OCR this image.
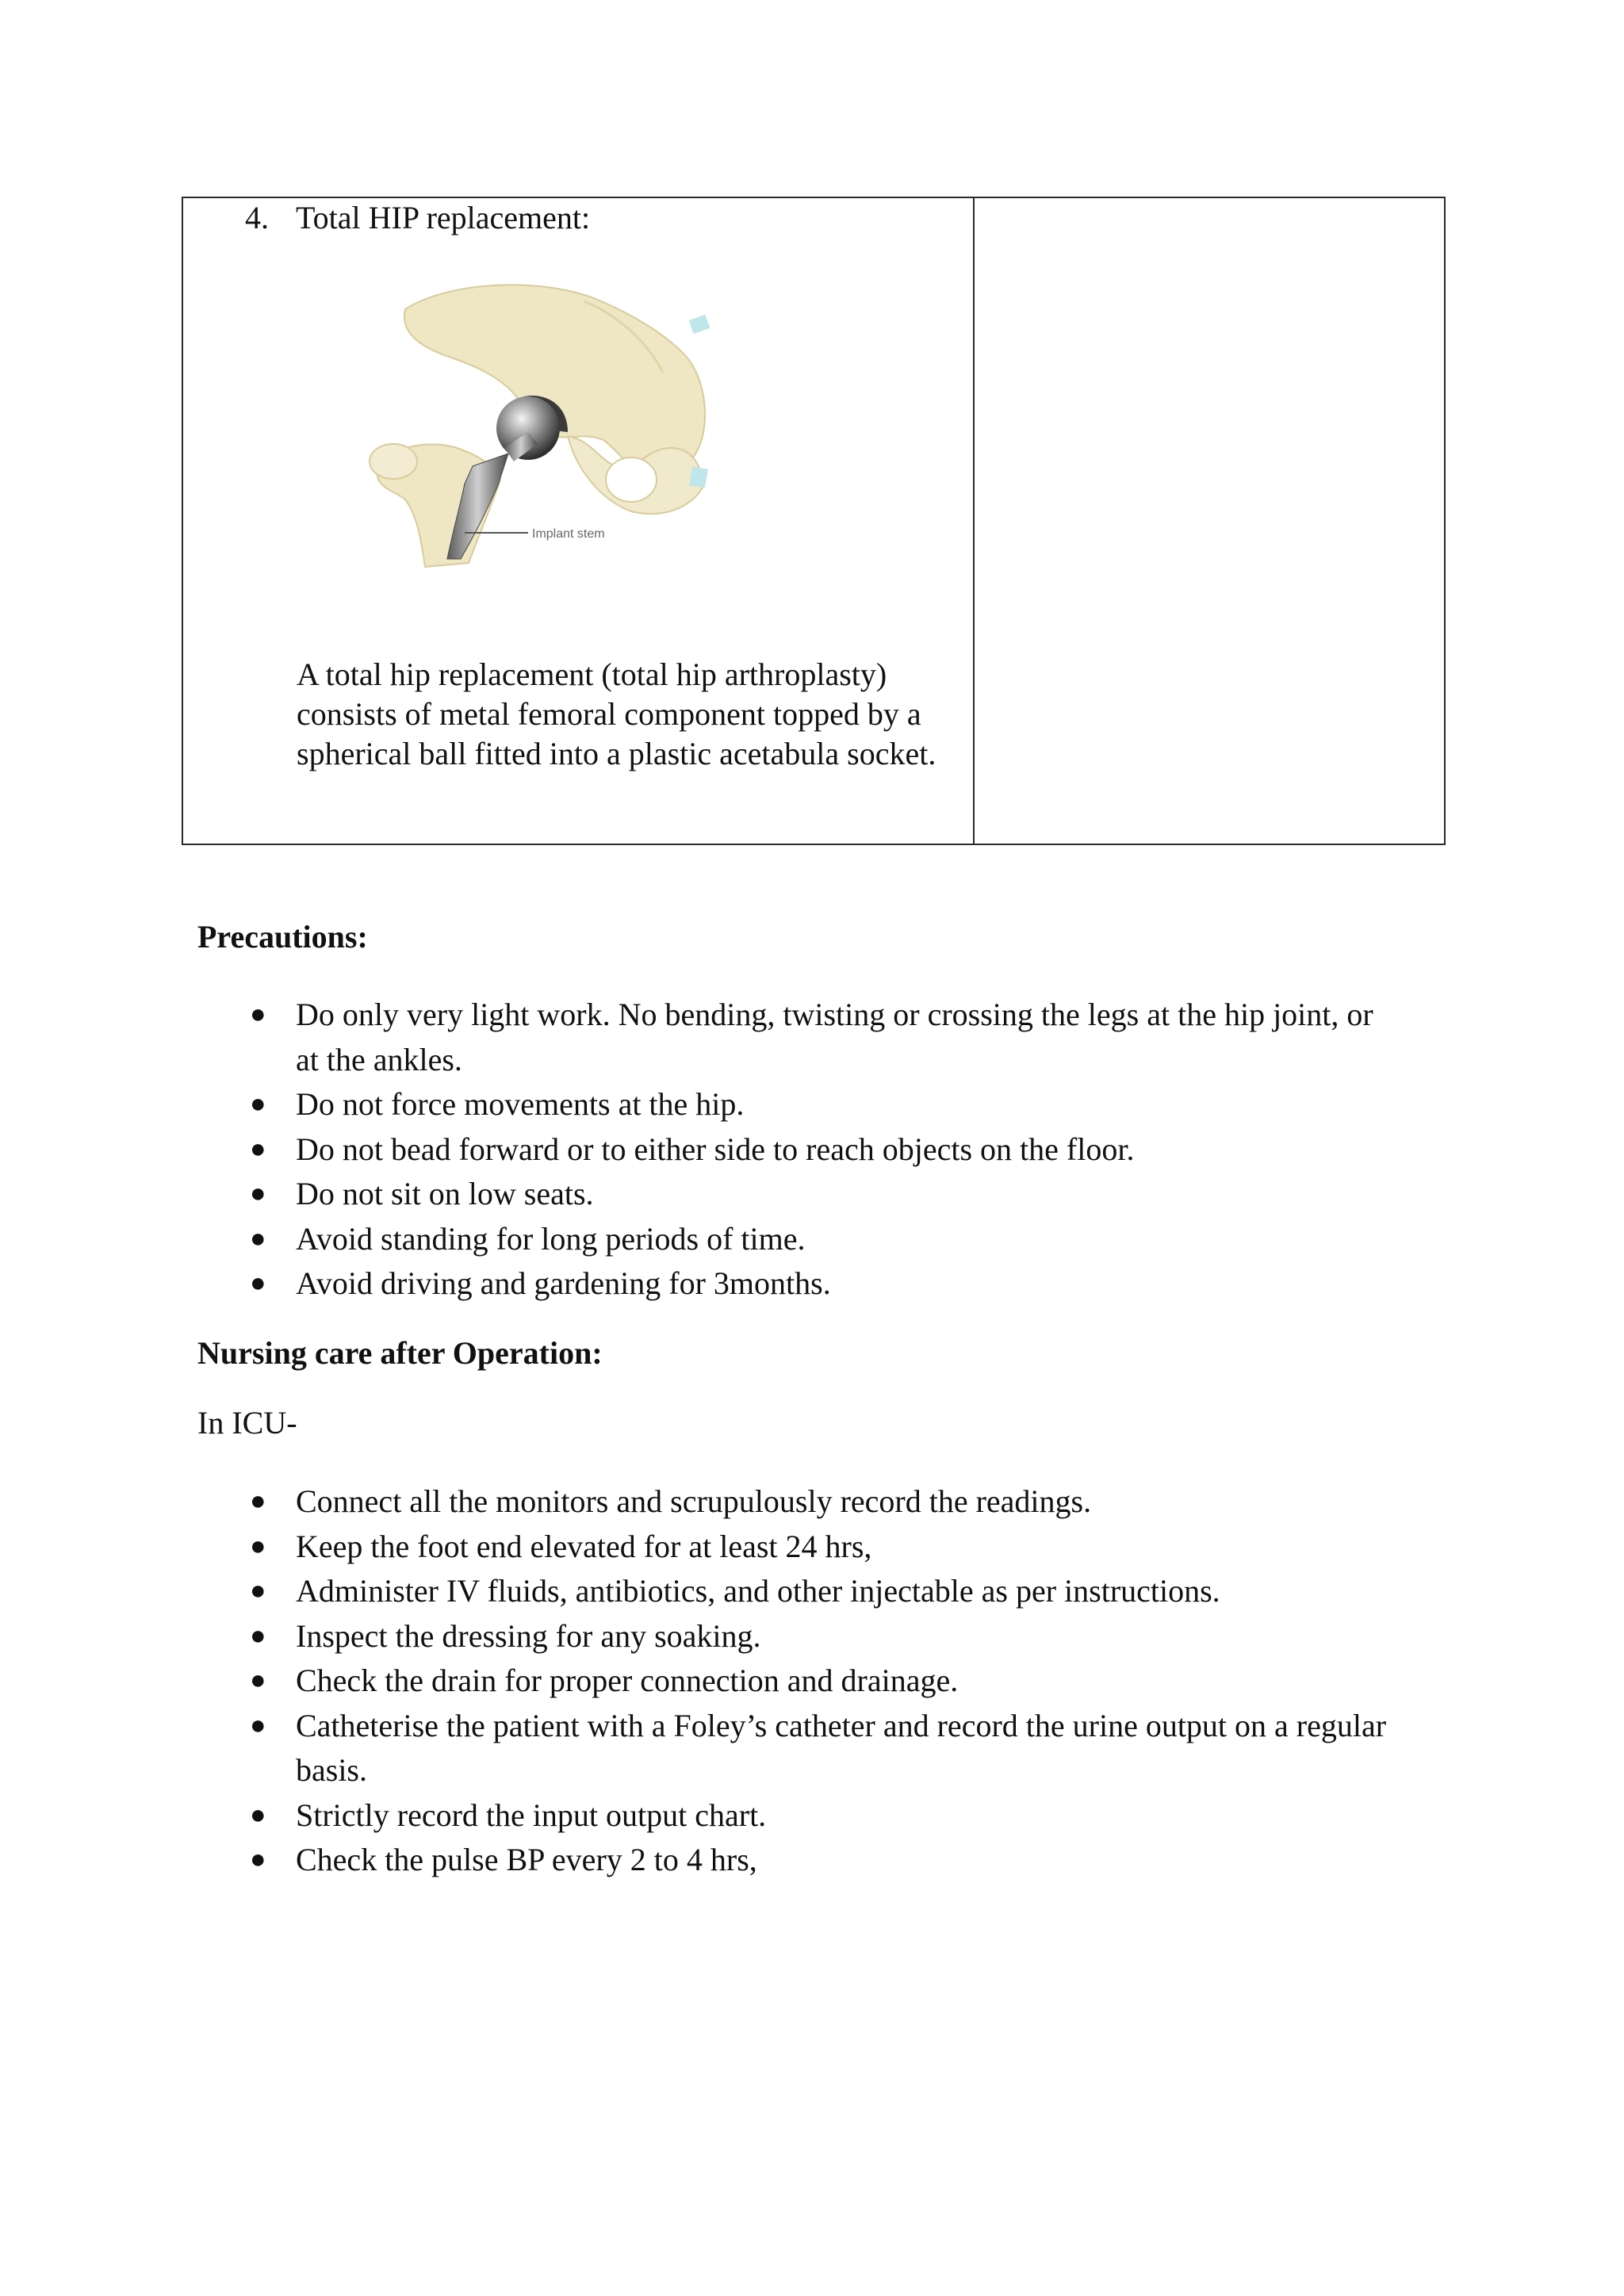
4. Total HIP replacement:
Implant stem
A total hip replacement (total hip arthroplasty)
consists of metal femoral component topped by a
spherical ball fitted into a plastic acetabula socket.
Precautions:
● Do only very light work. No bending, twisting or crossing the legs at the hip joint, or
at the ankles.
● Do not force movements at the hip.
● Do not bead forward or to either side to reach objects on the floor.
● Do not sit on low seats.
● Avoid standing for long periods of time.
● Avoid driving and gardening for 3months.
Nursing care after Operation:
In ICU-
● Connect all the monitors and scrupulously record the readings.
● Keep the foot end elevated for at least 24 hrs,
● Administer IV fluids, antibiotics, and other injectable as per instructions.
● Inspect the dressing for any soaking.
● Check the drain for proper connection and drainage.
● Catheterise the patient with a Foley’s catheter and record the urine output on a regular
basis.
● Strictly record the input output chart.
● Check the pulse BP every 2 to 4 hrs,
